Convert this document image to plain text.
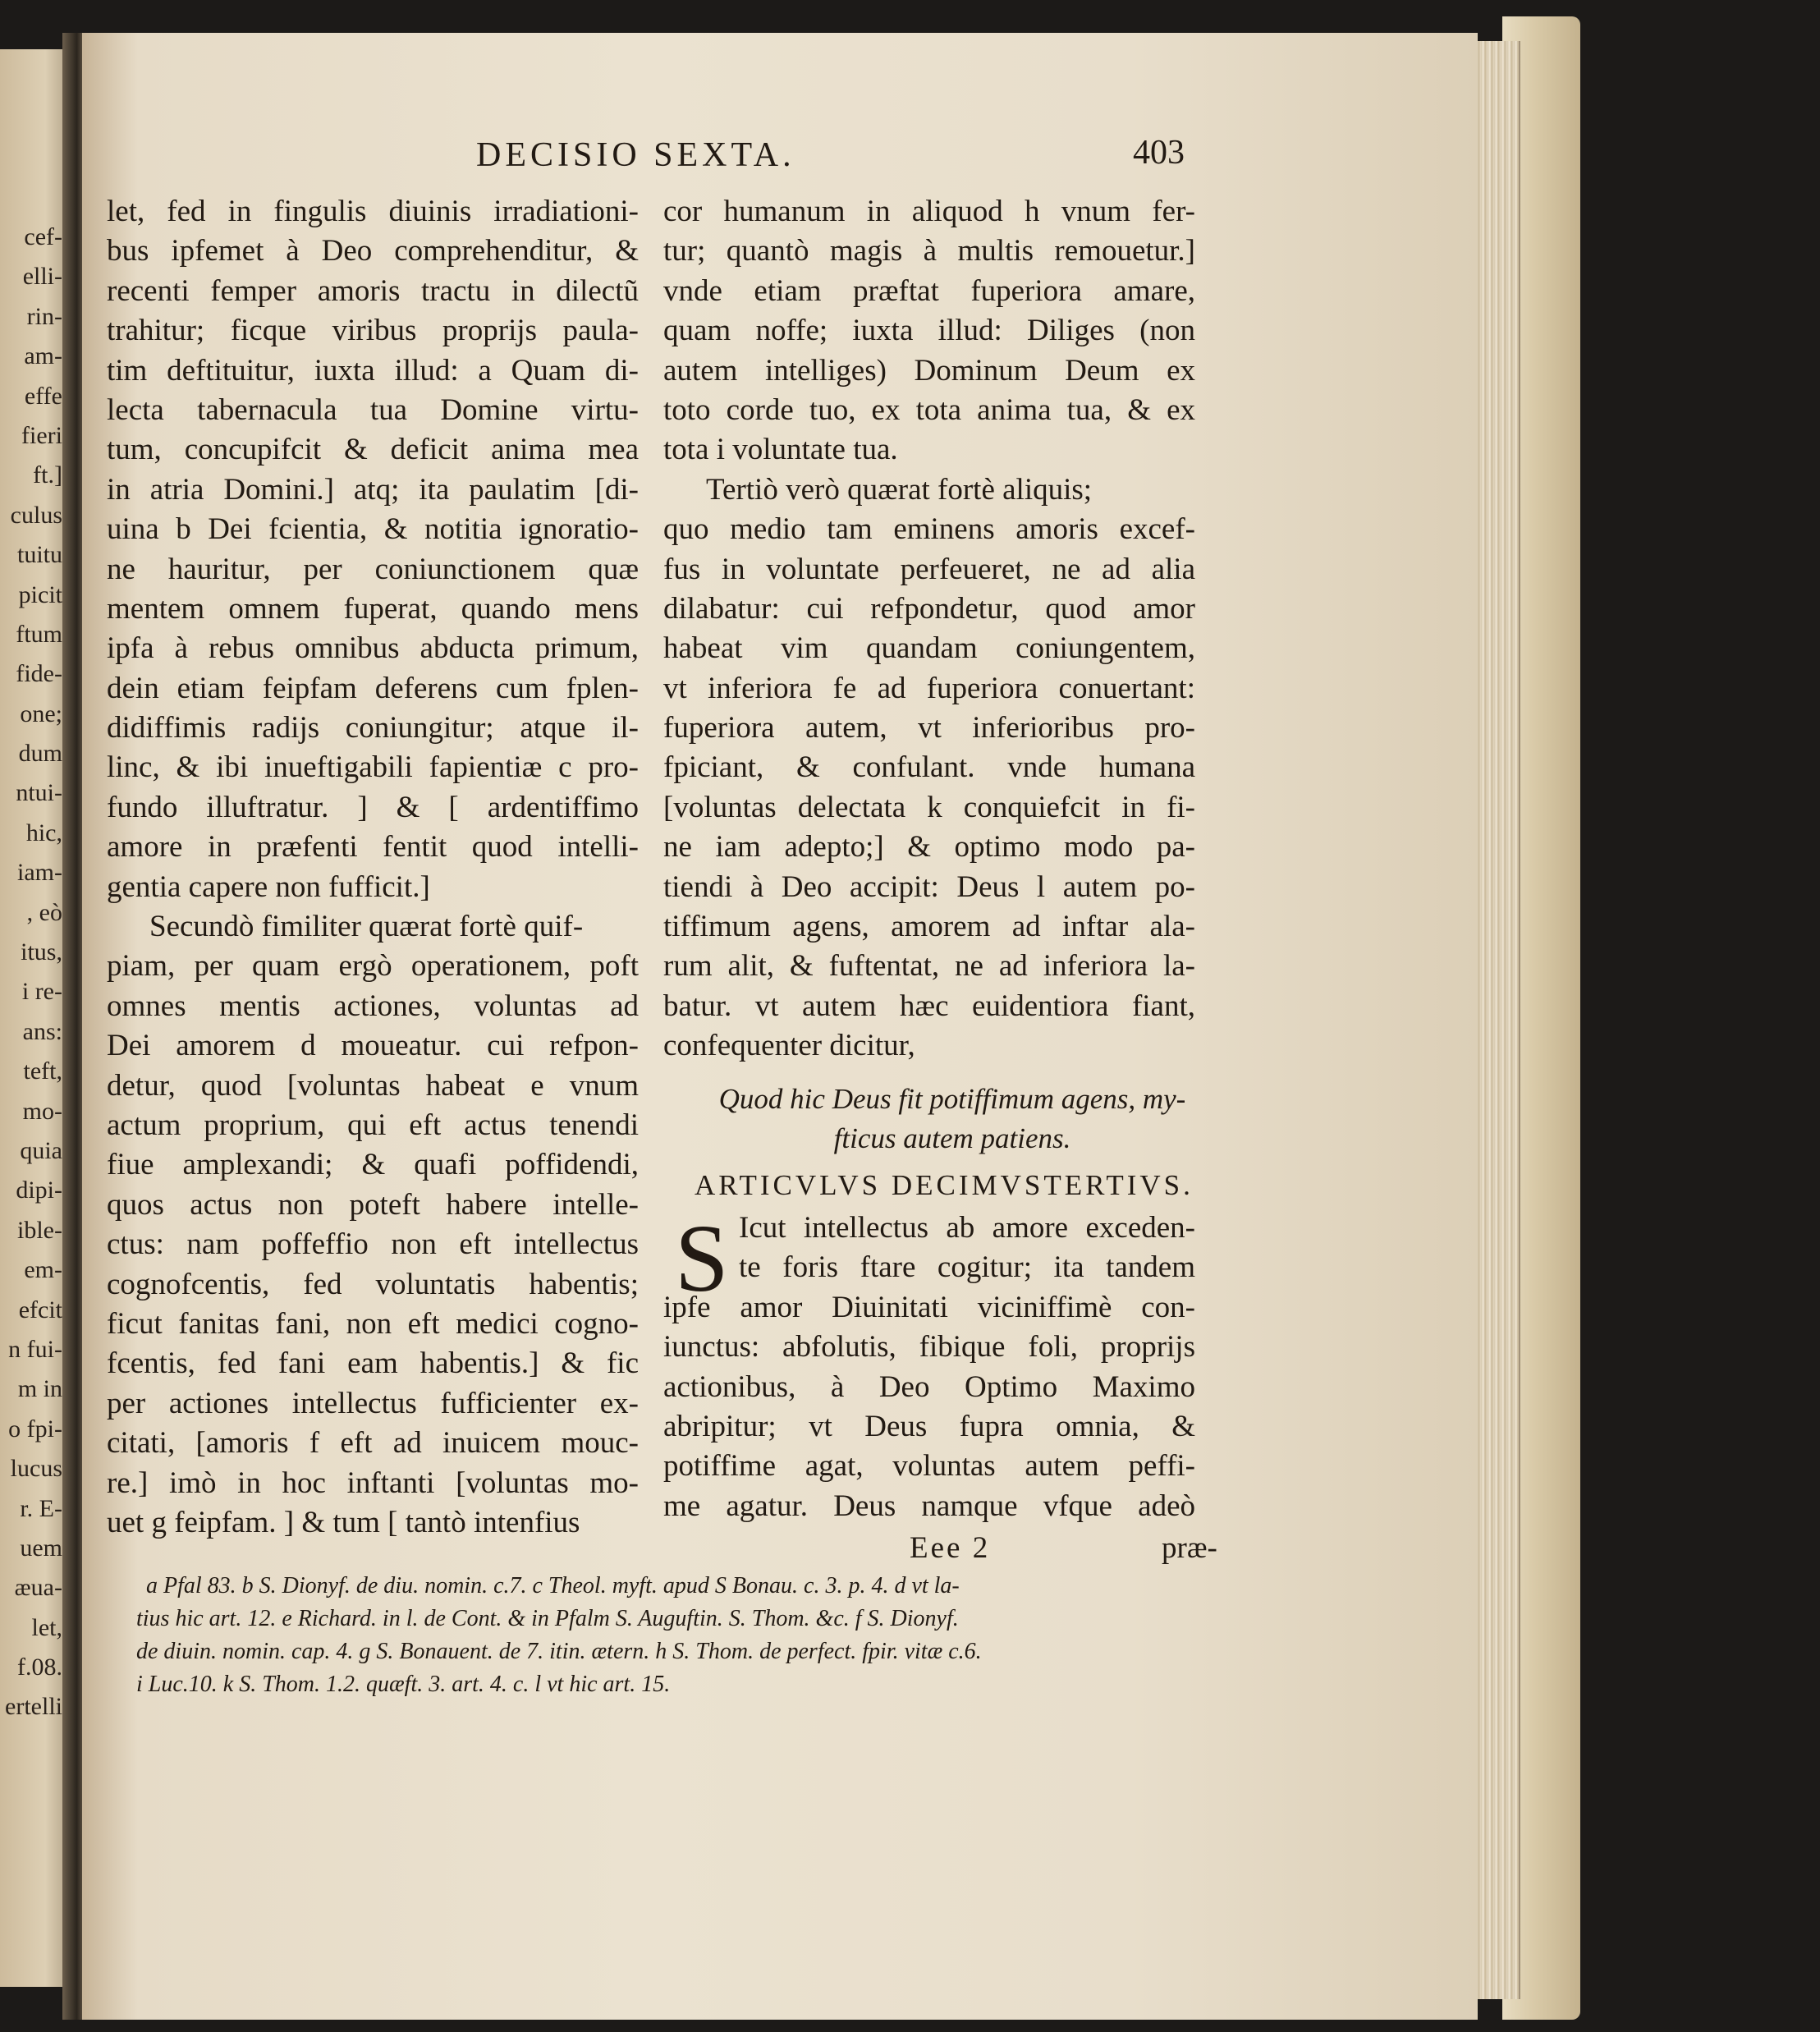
cef-
elli-
rin-
am-
effe
fieri
ft.]
culus
tuitu
picit
ftum
fide-
one;
dum
ntui-
hic,
iam-
, eò
itus,
i re-
ans:
teft,
mo-
quia
dipi-
ible-
em-
efcit
n fui-
m in
o fpi-
lucus
r. E-
uem
æua-
let,
f.08.
ertelli
DECISIO SEXTA.	403
let, fed in fingulis diuinis irradiationi-
bus ipfemet à Deo comprehenditur, &
recenti femper amoris tractu in dilectũ
trahitur; ficque viribus proprijs paula-
tim deftituitur, iuxta illud: a Quam di-
lecta tabernacula tua Domine virtu-
tum, concupifcit & deficit anima mea
in atria Domini.] atq; ita paulatim [di-
uina b Dei fcientia, & notitia ignoratio-
ne hauritur, per coniunctionem quæ
mentem omnem fuperat, quando mens
ipfa à rebus omnibus abducta primum,
dein etiam feipfam deferens cum fplen-
didiffimis radijs coniungitur; atque il-
linc, & ibi inueftigabili fapientiæ c pro-
fundo illuftratur. ] & [ ardentiffimo
amore in præfenti fentit quod intelli-
gentia capere non fufficit.]
Secundò fimiliter quærat fortè quif-
piam, per quam ergò operationem, poft
omnes mentis actiones, voluntas ad
Dei amorem d moueatur. cui refpon-
detur, quod [voluntas habeat e vnum
actum proprium, qui eft actus tenendi
fiue amplexandi; & quafi poffidendi,
quos actus non poteft habere intelle-
ctus: nam poffeffio non eft intellectus
cognofcentis, fed voluntatis habentis;
ficut fanitas fani, non eft medici cogno-
fcentis, fed fani eam habentis.] & fic
per actiones intellectus fufficienter ex-
citati, [amoris f eft ad inuicem mouc-
re.] imò in hoc inftanti [voluntas mo-
uet g feipfam. ] & tum [ tantò intenfius
cor humanum in aliquod h vnum fer-
tur; quantò magis à multis remouetur.]
vnde etiam præftat fuperiora amare,
quam noffe; iuxta illud: Diliges (non
autem intelliges) Dominum Deum ex
toto corde tuo, ex tota anima tua, & ex
tota i voluntate tua.
Tertiò verò quærat fortè aliquis;
quo medio tam eminens amoris excef-
fus in voluntate perfeueret, ne ad alia
dilabatur: cui refpondetur, quod amor
habeat vim quandam coniungentem,
vt inferiora fe ad fuperiora conuertant:
fuperiora autem, vt inferioribus pro-
fpiciant, & confulant. vnde humana
[voluntas delectata k conquiefcit in fi-
ne iam adepto;] & optimo modo pa-
tiendi à Deo accipit: Deus l autem po-
tiffimum agens, amorem ad inftar ala-
rum alit, & fuftentat, ne ad inferiora la-
batur. vt autem hæc euidentiora fiant,
confequenter dicitur,
Quod hic Deus fit potiffimum agens, my-
fticus autem patiens.
ARTICVLVS DECIMVSTERTIVS.
S Icut intellectus ab amore exceden-
te foris ftare cogitur; ita tandem
ipfe amor Diuinitati viciniffimè con-
iunctus: abfolutis, fibique foli, proprijs
actionibus, à Deo Optimo Maximo
abripitur; vt Deus fupra omnia, &
potiffime agat, voluntas autem peffi-
me agatur. Deus namque vfque adeò
Eee 2	præ-
a Pfal 83. b S. Dionyf. de diu. nomin. c.7. c Theol. myft. apud S Bonau. c. 3. p. 4. d vt la-
tius hic art. 12. e Richard. in l. de Cont. & in Pfalm S. Auguftin. S. Thom. &c. f S. Dionyf.
de diuin. nomin. cap. 4. g S. Bonauent. de 7. itin. ætern. h S. Thom. de perfect. fpir. vitæ c.6.
i Luc.10. k S. Thom. 1.2. quæft. 3. art. 4. c. l vt hic art. 15.
